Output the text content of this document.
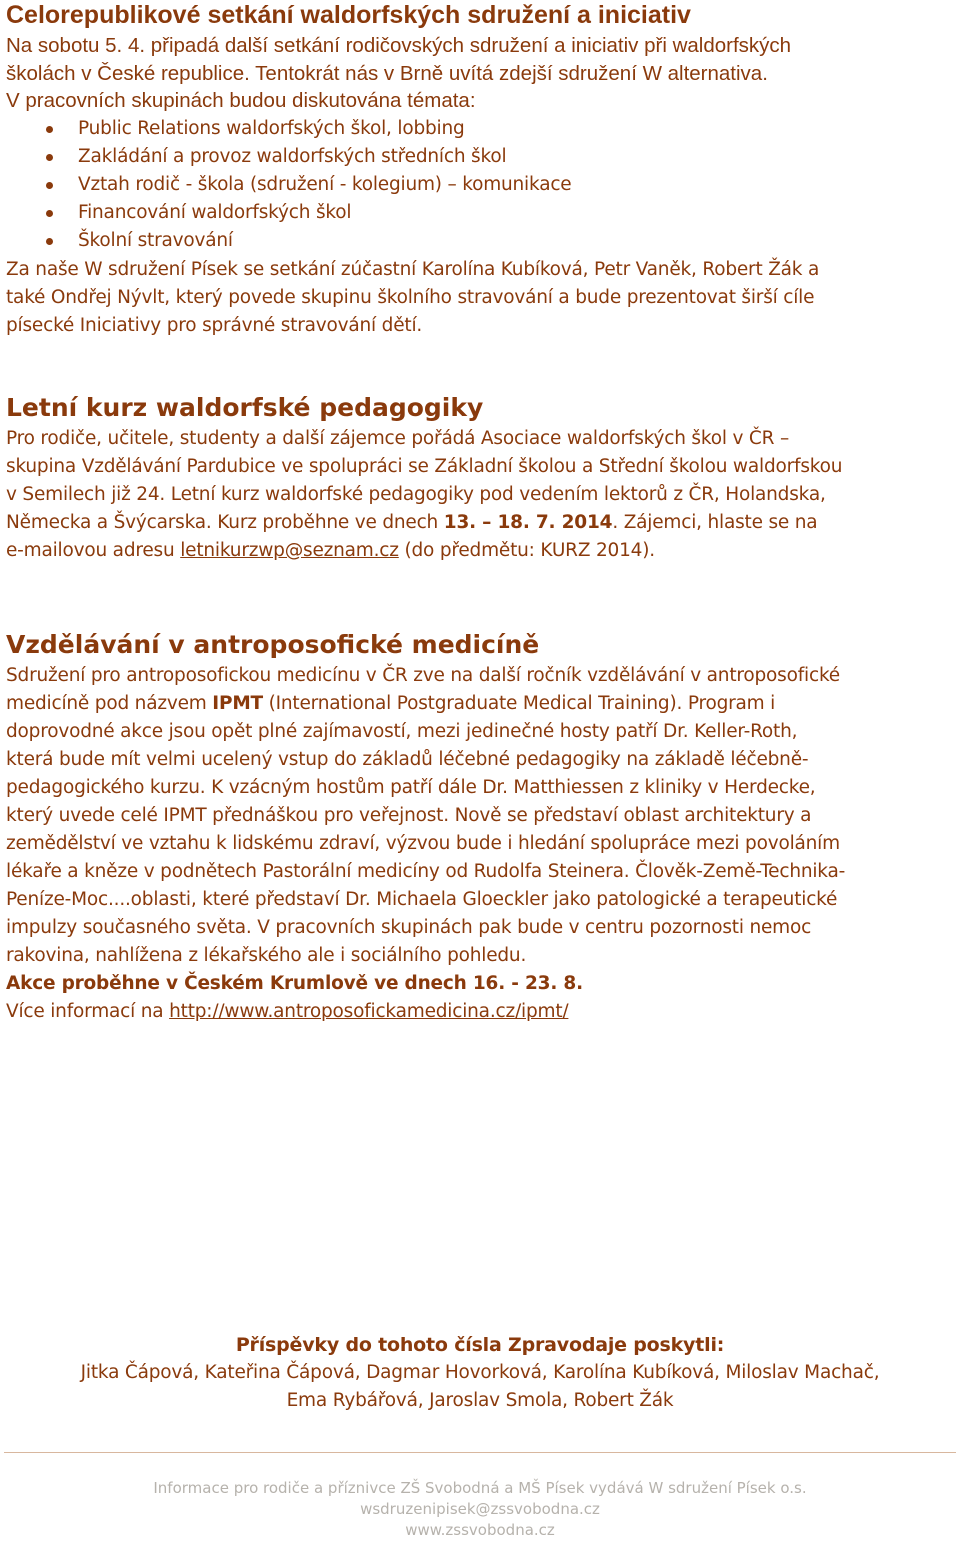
Celorepublikové setkání waldorfských sdružení a iniciativ
Na sobotu 5. 4. připadá další setkání rodičovských sdružení a iniciativ při waldorfských
školách v České republice. Tentokrát nás v Brně uvítá zdejší sdružení W alternativa.
V pracovních skupinách budou diskutována témata:
Public Relations waldorfských škol, lobbing
Zakládání a provoz waldorfských středních škol
Vztah rodič - škola (sdružení - kolegium) – komunikace
Financování waldorfských škol
Školní stravování
Za naše W sdružení Písek se setkání zúčastní Karolína Kubíková, Petr Vaněk, Robert Žák a
také Ondřej Nývlt, který povede skupinu školního stravování a bude prezentovat širší cíle
písecké Iniciativy pro správné stravování dětí.
Letní kurz waldorfské pedagogiky
Pro rodiče, učitele, studenty a další zájemce pořádá Asociace waldorfských škol v ČR –
skupina Vzdělávání Pardubice ve spolupráci se Základní školou a Střední školou waldorfskou
v Semilech již 24. Letní kurz waldorfské pedagogiky pod vedením lektorů z ČR, Holandska,
Německa a Švýcarska. Kurz proběhne ve dnech 13. – 18. 7. 2014. Zájemci, hlaste se na
e-mailovou adresu letnikurzwp@seznam.cz (do předmětu: KURZ 2014).
Vzdělávání v antroposofické medicíně
Sdružení pro antroposofickou medicínu v ČR zve na další ročník vzdělávání v antroposofické
medicíně pod názvem IPMT (International Postgraduate Medical Training). Program i
doprovodné akce jsou opět plné zajímavostí, mezi jedinečné hosty patří Dr. Keller-Roth,
která bude mít velmi ucelený vstup do základů léčebné pedagogiky na základě léčebně-
pedagogického kurzu. K vzácným hostům patří dále Dr. Matthiessen z kliniky v Herdecke,
který uvede celé IPMT přednáškou pro veřejnost. Nově se představí oblast architektury a
zemědělství ve vztahu k lidskému zdraví, výzvou bude i hledání spolupráce mezi povoláním
lékaře a kněze v podnětech Pastorální medicíny od Rudolfa Steinera. Člověk-Země-Technika-
Peníze-Moc....oblasti, které představí Dr. Michaela Gloeckler jako patologické a terapeutické
impulzy současného světa. V pracovních skupinách pak bude v centru pozornosti nemoc
rakovina, nahlížena z lékařského ale i sociálního pohledu.
Akce proběhne v Českém Krumlově ve dnech 16. - 23. 8.
Více informací na http://www.antroposofickamedicina.cz/ipmt/
Příspěvky do tohoto čísla Zpravodaje poskytli:
Jitka Čápová, Kateřina Čápová, Dagmar Hovorková, Karolína Kubíková, Miloslav Machač,
Ema Rybářová, Jaroslav Smola, Robert Žák
Informace pro rodiče a příznivce ZŠ Svobodná a MŠ Písek vydává W sdružení Písek o.s.
wsdruzenipisek@zssvobodna.cz
www.zssvobodna.cz
